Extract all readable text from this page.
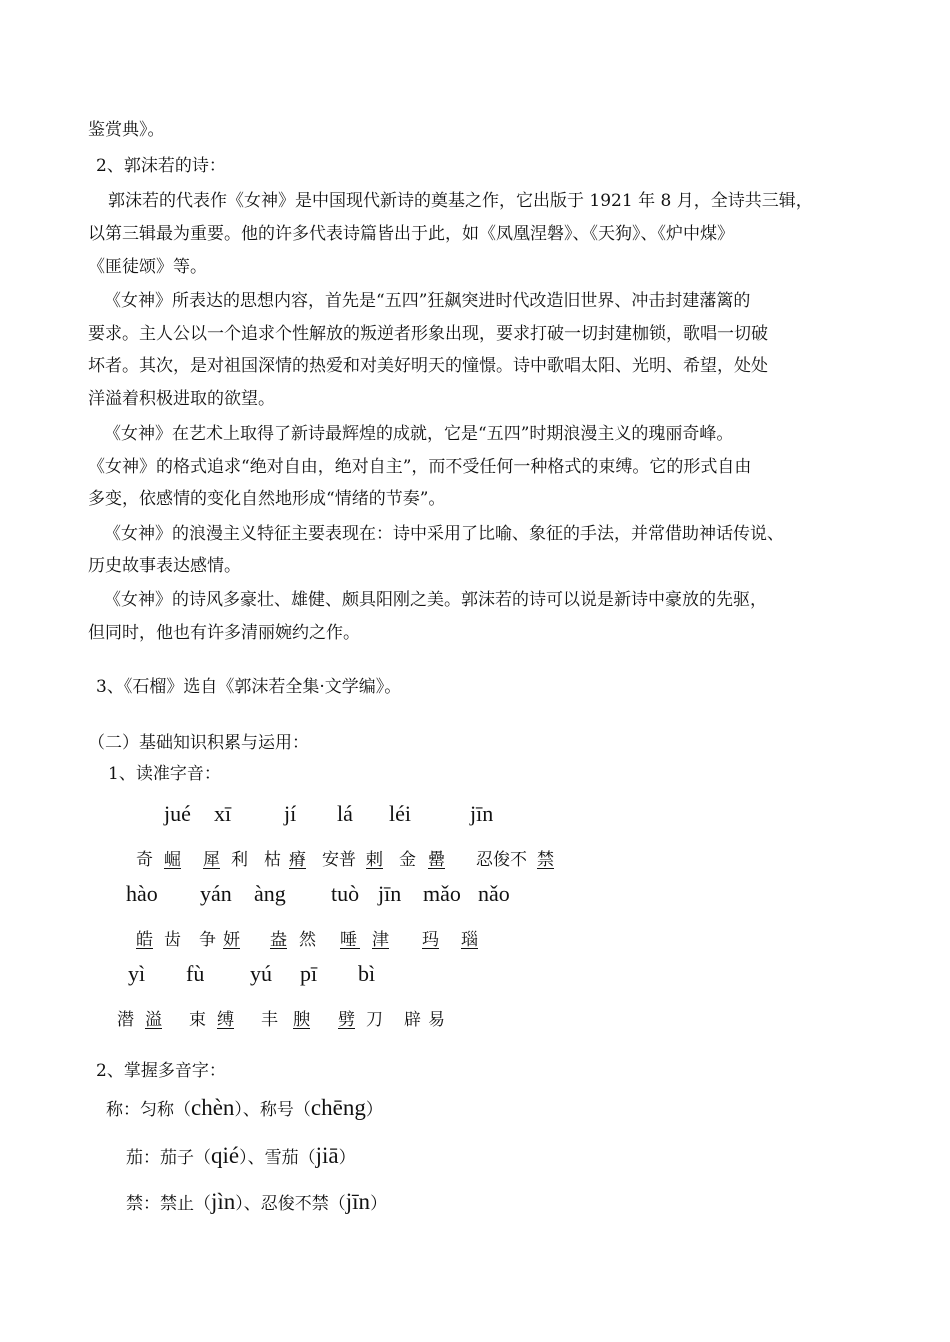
鉴赏典》。
2、郭沫若的诗：
郭沫若的代表作《女神》是中国现代新诗的奠基之作，它出版于 1921 年 8 月，全诗共三辑，
以第三辑最为重要。他的许多代表诗篇皆出于此，如《凤凰涅磐》、《天狗》、《炉中煤》
《匪徒颂》等。
《女神》所表达的思想内容，首先是“五四”狂飙突进时代改造旧世界、冲击封建藩篱的
要求。主人公以一个追求个性解放的叛逆者形象出现，要求打破一切封建枷锁，歌唱一切破
坏者。其次，是对祖国深情的热爱和对美好明天的憧憬。诗中歌唱太阳、光明、希望，处处
洋溢着积极进取的欲望。
《女神》在艺术上取得了新诗最辉煌的成就，它是“五四”时期浪漫主义的瑰丽奇峰。
《女神》的格式追求“绝对自由，绝对自主”，而不受任何一种格式的束缚。它的形式自由
多变，依感情的变化自然地形成“情绪的节奏”。
《女神》的浪漫主义特征主要表现在：诗中采用了比喻、象征的手法，并常借助神话传说、
历史故事表达感情。
《女神》的诗风多豪壮、雄健、颇具阳刚之美。郭沫若的诗可以说是新诗中豪放的先驱，
但同时，他也有许多清丽婉约之作。
3、《石榴》选自《郭沫若全集·文学编》。
（二）基础知识积累与运用：
1、读准字音：
jué xī jí lá léi	jīn
奇 崛 犀 利 枯 瘠 安普 剌 金 罍 忍俊不 禁
hào yán àng tuò jīn mǎo nǎo
皓 齿 争 妍 盎 然 唾 津	玛	瑙
yì fù yú pī bì
潜 溢 束 缚 丰 腴 劈 刀 辟 易
2、掌握多音字：
称：匀称（chèn）、称号（chēng）
茄：茄子（qié）、雪茄（jiā）
禁：禁止（jìn）、忍俊不禁（jīn）
